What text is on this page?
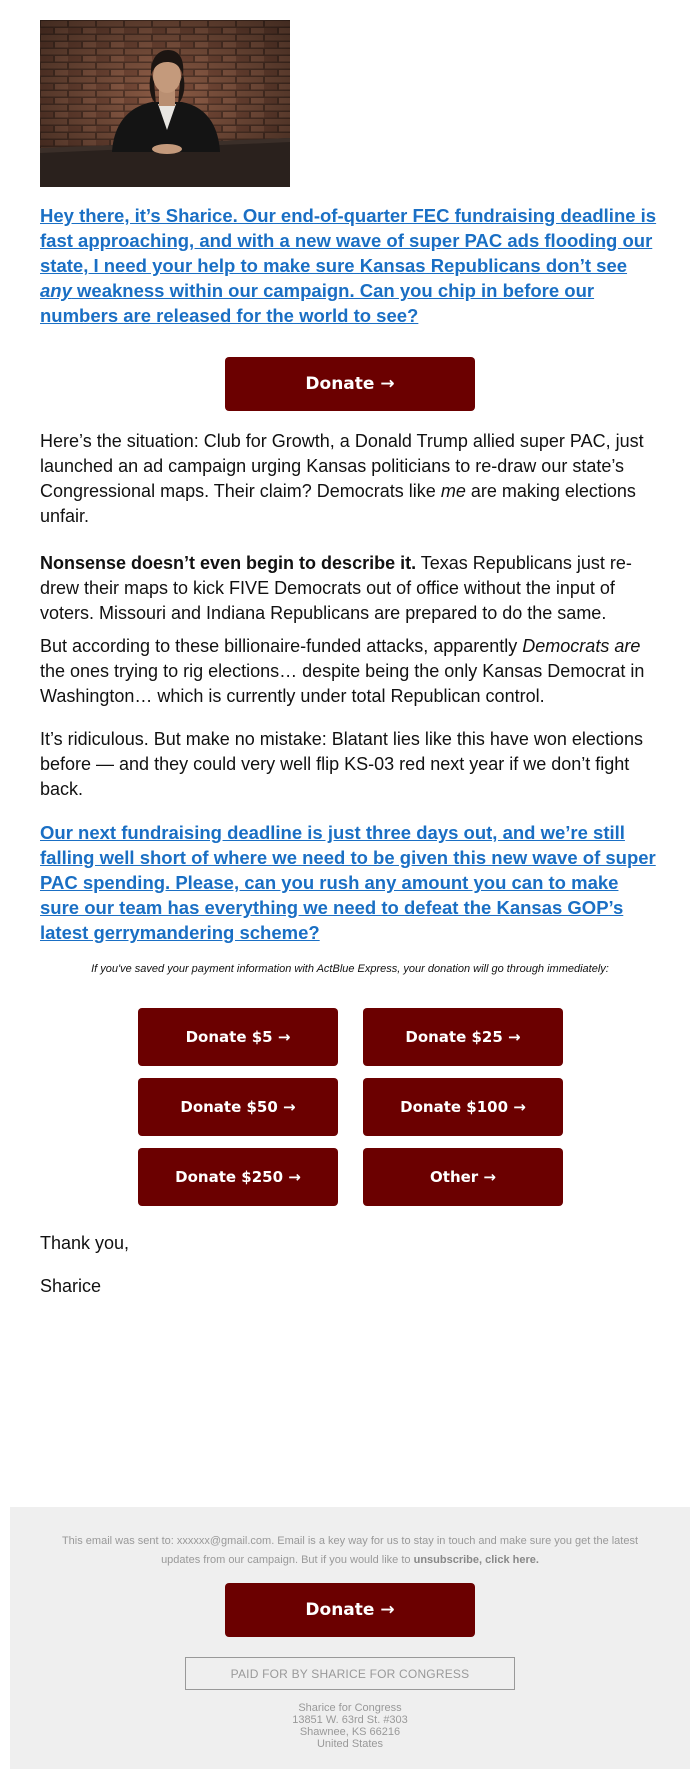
Hey there, it’s Sharice. Our end-of-quarter FEC fundraising deadline is fast approaching, and with a new wave of super PAC ads flooding our state, I need your help to make sure Kansas Republicans don’t see any weakness within our campaign. Can you chip in before our numbers are released for the world to see?

Donate →

Here’s the situation: Club for Growth, a Donald Trump allied super PAC, just launched an ad campaign urging Kansas politicians to re-draw our state’s Congressional maps. Their claim? Democrats like me are making elections unfair.

Nonsense doesn’t even begin to describe it. Texas Republicans just re-drew their maps to kick FIVE Democrats out of office without the input of voters. Missouri and Indiana Republicans are prepared to do the same.

But according to these billionaire-funded attacks, apparently Democrats are the ones trying to rig elections… despite being the only Kansas Democrat in Washington… which is currently under total Republican control.

It’s ridiculous. But make no mistake: Blatant lies like this have won elections before — and they could very well flip KS-03 red next year if we don’t fight back.

Our next fundraising deadline is just three days out, and we’re still falling well short of where we need to be given this new wave of super PAC spending. Please, can you rush any amount you can to make sure our team has everything we need to defeat the Kansas GOP’s latest gerrymandering scheme?

If you've saved your payment information with ActBlue Express, your donation will go through immediately:
Donate $5 →	Donate $25 →
Donate $50 →	Donate $100 →
Donate $250 →	Other →

Thank you,

Sharice

This email was sent to: xxxxxx@gmail.com. Email is a key way for us to stay in touch and make sure you get the latest updates from our campaign. But if you would like to unsubscribe, click here.
Donate →
PAID FOR BY SHARICE FOR CONGRESS
Sharice for Congress
13851 W. 63rd St. #303
Shawnee, KS 66216
United States
